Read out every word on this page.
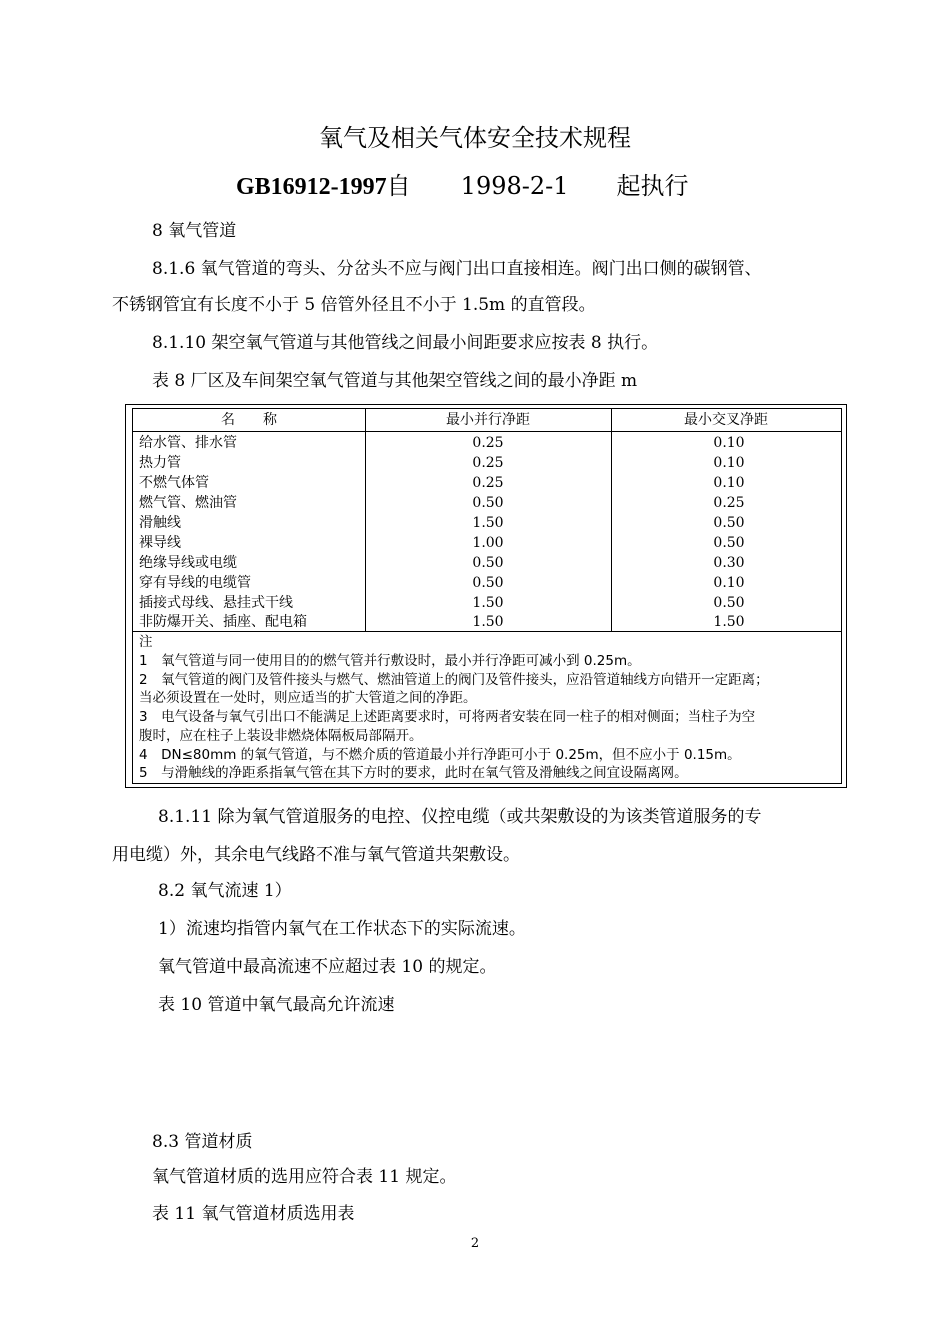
氧气及相关气体安全技术规程
GB16912-1997自 1998-2-1 起执行
8 氧气管道
8.1.6 氧气管道的弯头、分岔头不应与阀门出口直接相连。阀门出口侧的碳钢管、
不锈钢管宜有长度不小于 5 倍管外径且不小于 1.5m 的直管段。
8.1.10 架空氧气管道与其他管线之间最小间距要求应按表 8 执行。
表 8 厂区及车间架空氧气管道与其他架空管线之间的最小净距 m
名　　称	最小并行净距	最小交叉净距
给水管、排水管	0.25	0.10
热力管	0.25	0.10
不燃气体管	0.25	0.10
燃气管、燃油管	0.50	0.25
滑触线	1.50	0.50
裸导线	1.00	0.50
绝缘导线或电缆	0.50	0.30
穿有导线的电缆管	0.50	0.10
插接式母线、悬挂式干线	1.50	0.50
非防爆开关、插座、配电箱	1.50	1.50
注
1　氧气管道与同一使用目的的燃气管并行敷设时，最小并行净距可减小到 0.25m。
2　氧气管道的阀门及管件接头与燃气、燃油管道上的阀门及管件接头，应沿管道轴线方向错开一定距离；
当必须设置在一处时，则应适当的扩大管道之间的净距。
3　电气设备与氧气引出口不能满足上述距离要求时，可将两者安装在同一柱子的相对侧面；当柱子为空
腹时，应在柱子上装设非燃烧体隔板局部隔开。
4　DN≤80mm 的氧气管道，与不燃介质的管道最小并行净距可小于 0.25m，但不应小于 0.15m。
5　与滑触线的净距系指氧气管在其下方时的要求，此时在氧气管及滑触线之间宜设隔离网。
8.1.11 除为氧气管道服务的电控、仪控电缆（或共架敷设的为该类管道服务的专
用电缆）外，其余电气线路不准与氧气管道共架敷设。
8.2 氧气流速 1）
1）流速均指管内氧气在工作状态下的实际流速。
氧气管道中最高流速不应超过表 10 的规定。
表 10 管道中氧气最高允许流速
8.3 管道材质
氧气管道材质的选用应符合表 11 规定。
表 11 氧气管道材质选用表
2
